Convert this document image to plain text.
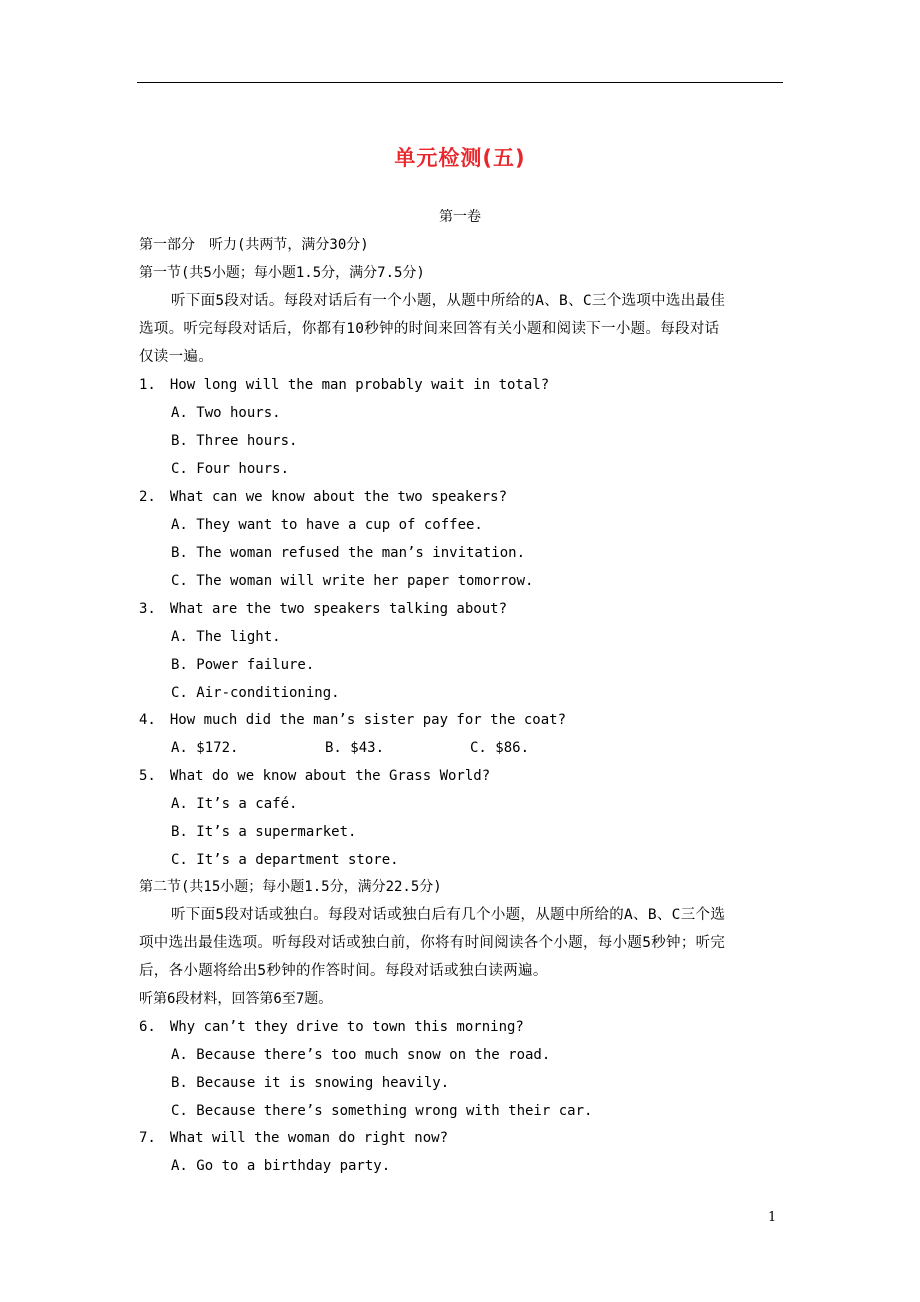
单元检测(五)
第一卷
第一部分　听力(共两节，满分30分)
第一节(共5小题；每小题1.5分，满分7.5分)
听下面5段对话。每段对话后有一个小题，从题中所给的A、B、C三个选项中选出最佳
选项。听完每段对话后，你都有10秒钟的时间来回答有关小题和阅读下一小题。每段对话
仅读一遍。
1.　How long will the man probably wait in total?
A. Two hours.
B. Three hours.
C. Four hours.
2.　What can we know about the two speakers?
A. They want to have a cup of coffee.
B. The woman refused the man’s invitation.
C. The woman will write her paper tomorrow.
3.　What are the two speakers talking about?
A. The light.
B. Power failure.
C. Air-conditioning.
4.　How much did the man’s sister pay for the coat?
A. $172.	B. $43.	C. $86.
5.　What do we know about the Grass World?
A. It’s a café.
B. It’s a supermarket.
C. It’s a department store.
第二节(共15小题；每小题1.5分，满分22.5分)
听下面5段对话或独白。每段对话或独白后有几个小题，从题中所给的A、B、C三个选
项中选出最佳选项。听每段对话或独白前，你将有时间阅读各个小题，每小题5秒钟；听完
后，各小题将给出5秒钟的作答时间。每段对话或独白读两遍。
听第6段材料，回答第6至7题。
6.　Why can’t they drive to town this morning?
A. Because there’s too much snow on the road.
B. Because it is snowing heavily.
C. Because there’s something wrong with their car.
7.　What will the woman do right now?
A. Go to a birthday party.
1
